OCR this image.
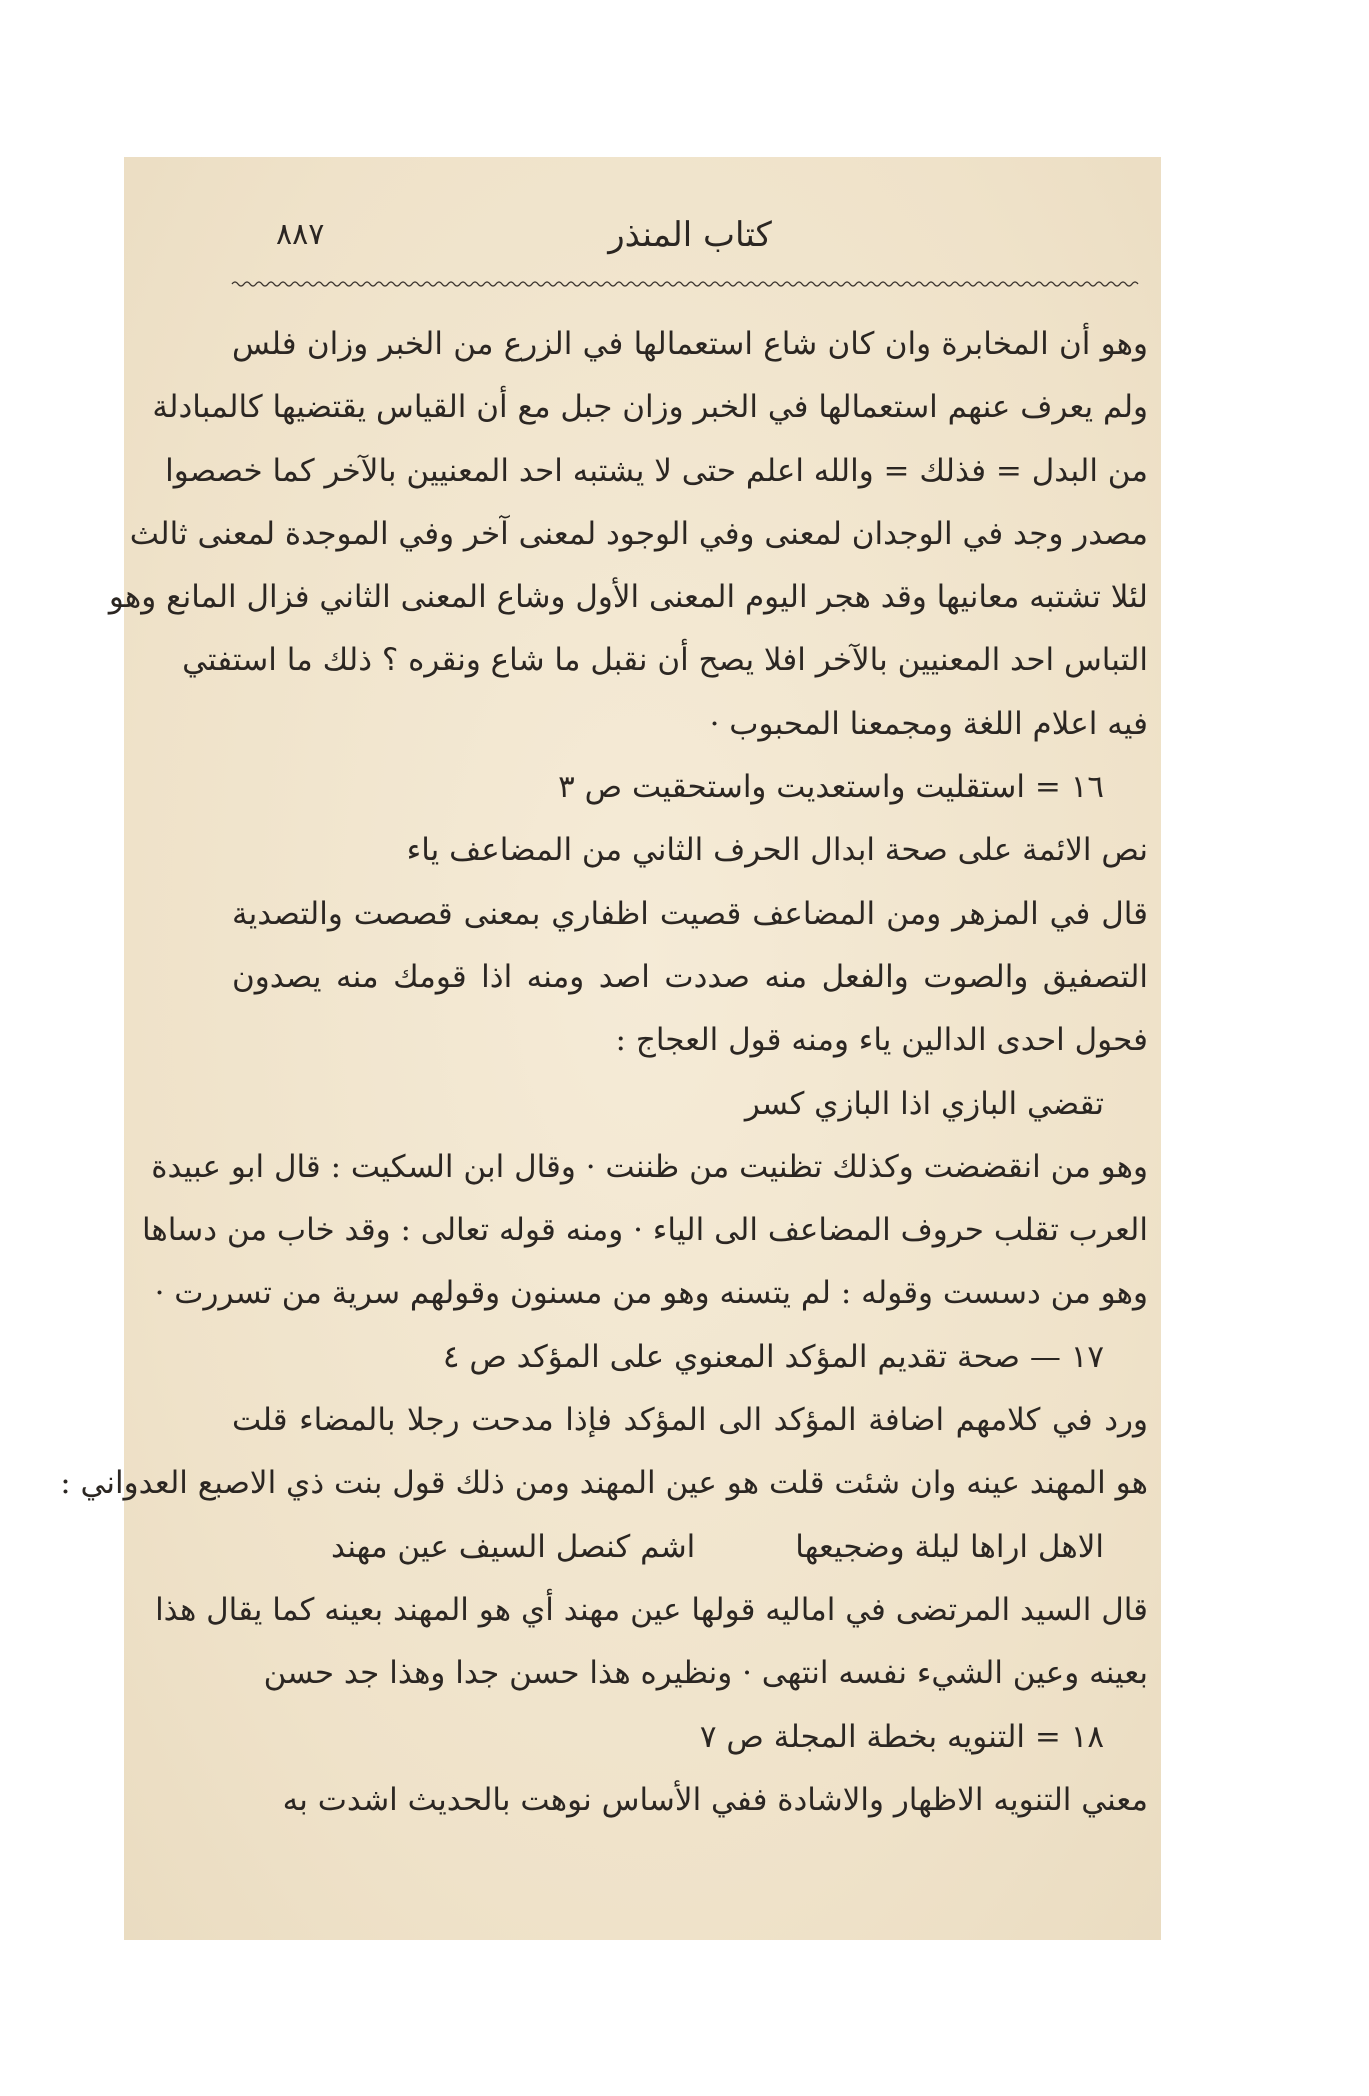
كتاب المنذر
٨٨٧
وهو أن المخابرة وان كان شاع استعمالها في الزرع من الخبر وزان فلس
ولم يعرف عنهم استعمالها في الخبر وزان جبل مع أن القياس يقتضيها كالمبادلة
من البدل = فذلك = والله اعلم حتى لا يشتبه احد المعنيين بالآخر كما خصصوا
مصدر وجد في الوجدان لمعنى وفي الوجود لمعنى آخر وفي الموجدة لمعنى ثالث
لئلا تشتبه معانيها وقد هجر اليوم المعنى الأول وشاع المعنى الثاني فزال المانع وهو
التباس احد المعنيين بالآخر افلا يصح أن نقبل ما شاع ونقره ؟ ذلك ما استفتي
فيه اعلام اللغة ومجمعنا المحبوب ·
١٦ = استقليت واستعديت واستحقيت ص ٣
نص الائمة على صحة ابدال الحرف الثاني من المضاعف ياء
قال في المزهر ومن المضاعف قصيت اظفاري بمعنى قصصت والتصدية
التصفيق والصوت والفعل منه صددت اصد ومنه اذا قومك منه يصدون
فحول احدى الدالين ياء ومنه قول العجاج :
تقضي البازي اذا البازي كسر
وهو من انقضضت وكذلك تظنيت من ظننت · وقال ابن السكيت : قال ابو عبيدة
العرب تقلب حروف المضاعف الى الياء · ومنه قوله تعالى : وقد خاب من دساها
وهو من دسست وقوله : لم يتسنه وهو من مسنون وقولهم سرية من تسررت ·
١٧ — صحة تقديم المؤكد المعنوي على المؤكد ص ٤
ورد في كلامهم اضافة المؤكد الى المؤكد فإذا مدحت رجلا بالمضاء قلت
هو المهند عينه وان شئت قلت هو عين المهند ومن ذلك قول بنت ذي الاصبع العدواني :
الاهل اراها ليلة وضجيعها
اشم كنصل السيف عين مهند
قال السيد المرتضى في اماليه قولها عين مهند أي هو المهند بعينه كما يقال هذا
بعينه وعين الشيء نفسه انتهى · ونظيره هذا حسن جدا وهذا جد حسن
١٨ = التنويه بخطة المجلة ص ٧
معني التنويه الاظهار والاشادة ففي الأساس نوهت بالحديث اشدت به
